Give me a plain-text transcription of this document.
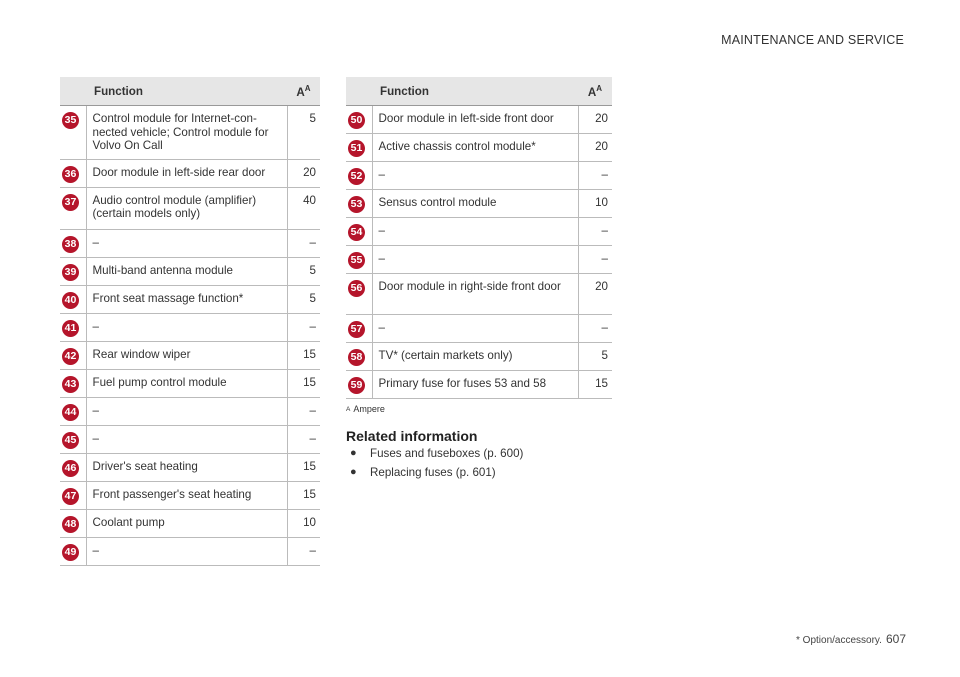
MAINTENANCE AND SERVICE
	Function	$A^A$
35	Control module for Internet-connected vehicle; Control module for Volvo On Call	5
36	Door module in left-side rear door	20
37	Audio control module (amplifier) (certain models only)	40
38	–	–
39	Multi-band antenna module	5
40	Front seat massage function*	5
41	–	–
42	Rear window wiper	15
43	Fuel pump control module	15
44	–	–
45	–	–
46	Driver's seat heating	15
47	Front passenger's seat heating	15
48	Coolant pump	10
49	–	–
	Function	$A^A$
50	Door module in left-side front door	20
51	Active chassis control module*	20
52	–	–
53	Sensus control module	10
54	–	–
55	–	–
56	Door module in right-side front door	20
57	–	–
58	TV* (certain markets only)	5
59	Primary fuse for fuses 53 and 58	15
$^A$ Ampere
Related information
● Fuses and fuseboxes (p. 600)
● Replacing fuses (p. 601)
* Option/accessory. 607
